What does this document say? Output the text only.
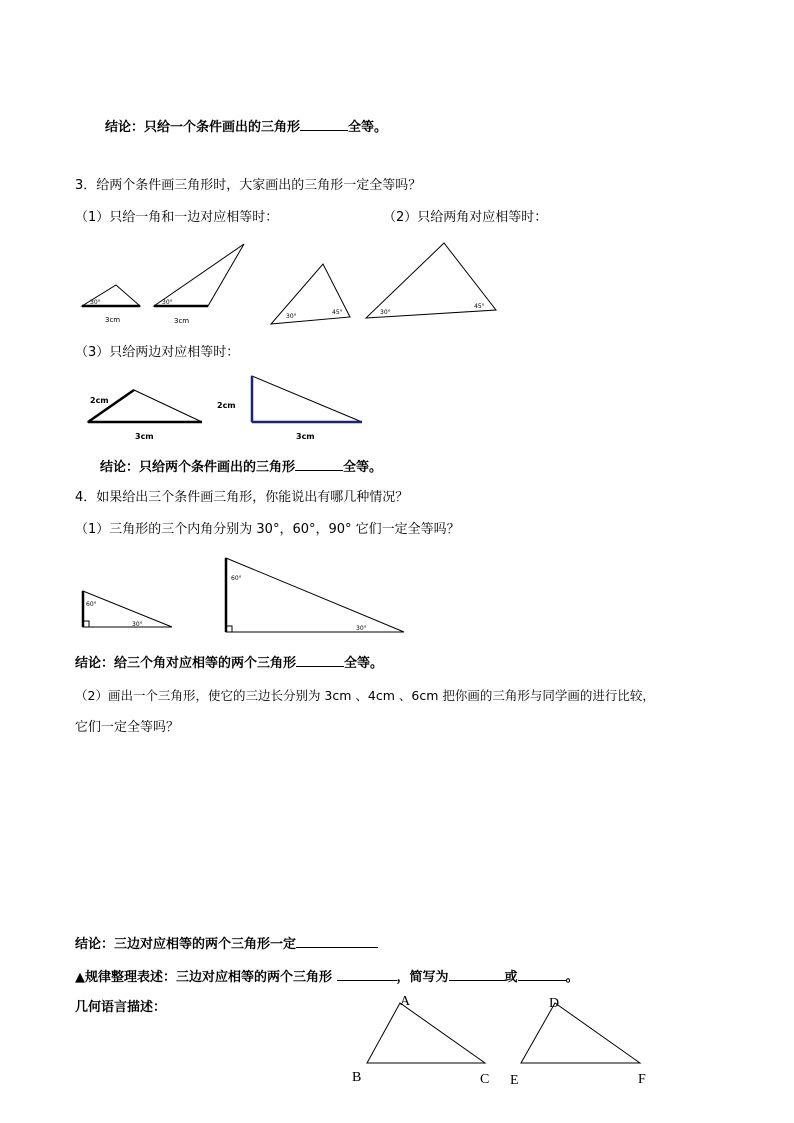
结论：只给一个条件画出的三角形	全等。
3．给两个条件画三角形时，大家画出的三角形一定全等吗？
（1）只给一角和一边对应相等时：	（2）只给两角对应相等时：
30°
3cm
30°
3cm
30°
45°	30°
45°
（3）只给两边对应相等时：
2cm
3cm
2cm
3cm
结论：只给两个条件画出的三角形	全等。
4．如果给出三个条件画三角形，你能说出有哪几种情况？
（1）三角形的三个内角分别为 30°，60°，90° 它们一定全等吗？
60°
30°
60°
30°
结论：给三个角对应相等的两个三角形	全等。
（2）画出一个三角形，使它的三边长分别为 3cm 、4cm 、6cm 把你画的三角形与同学画的进行比较，
它们一定全等吗？
结论：三边对应相等的两个三角形一定
▲规律整理表述：三边对应相等的两个三角形	，简写为	或	。
几何语言描述：	A
B	C
D
E	F
